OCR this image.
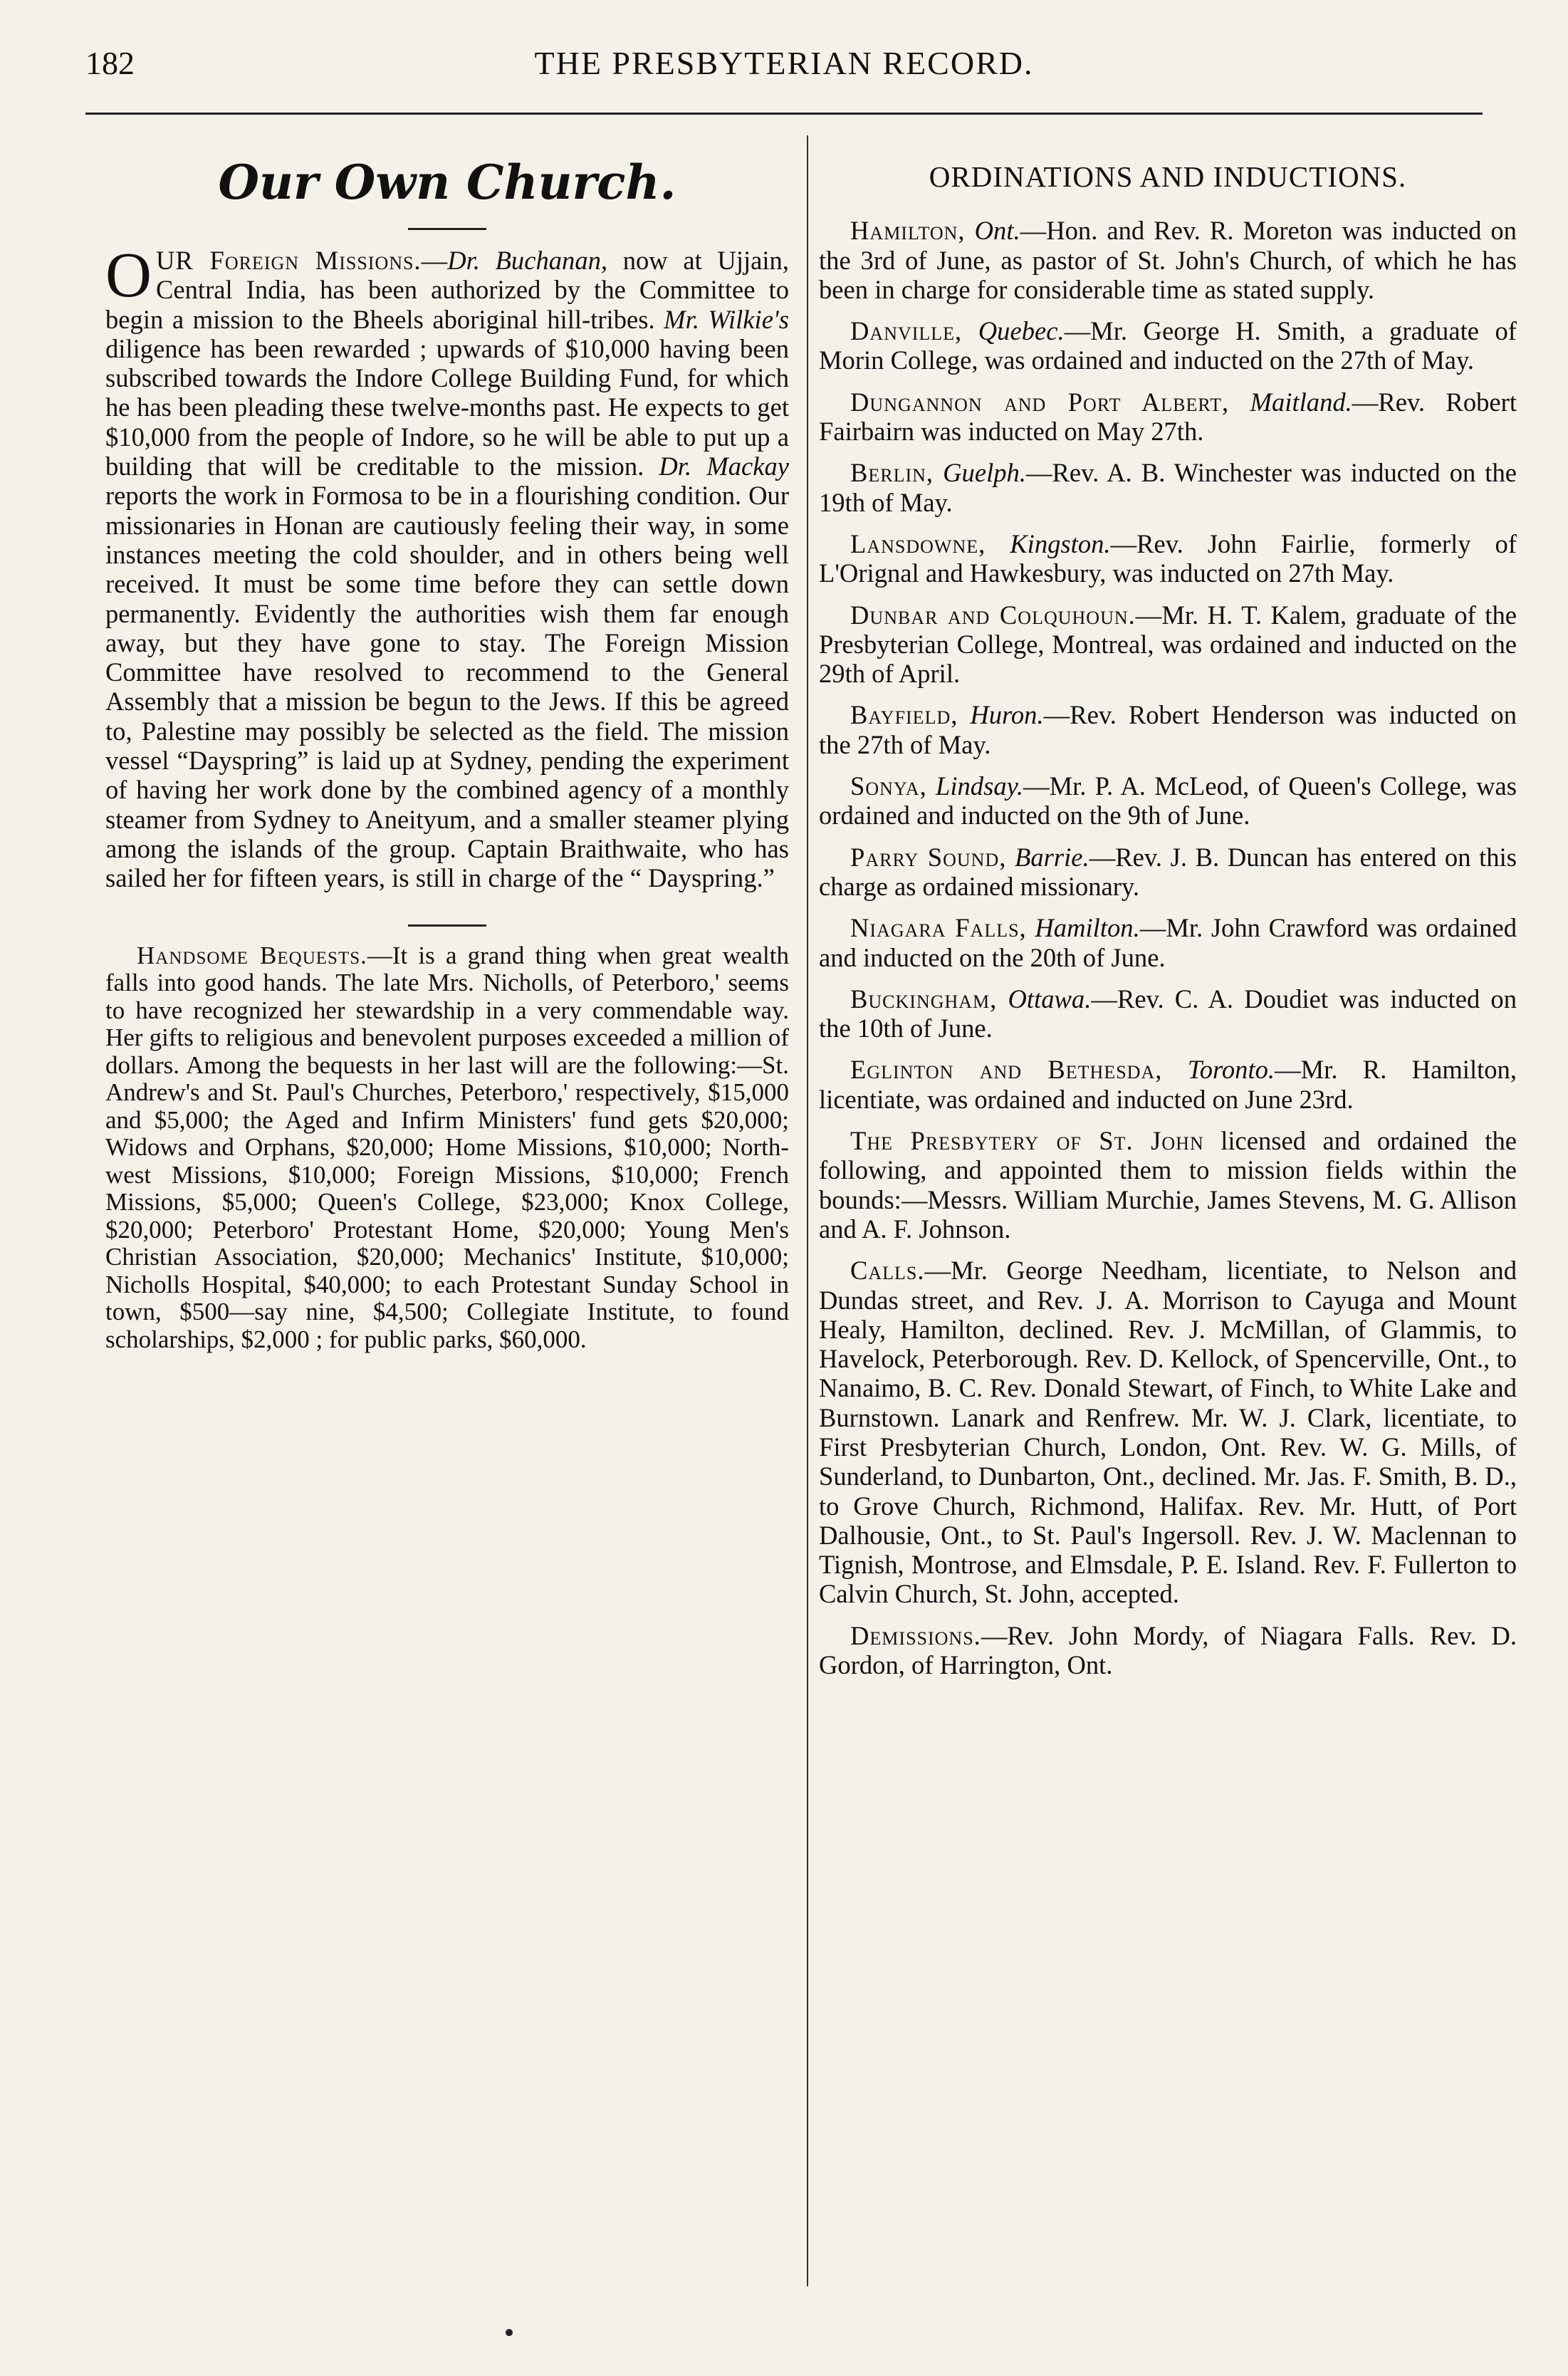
182	THE PRESBYTERIAN RECORD.
Our Own Church.

OUR Foreign Missions.—Dr. Buchanan, now at Ujjain, Central India, has been authorized by the Committee to begin a mission to the Bheels aboriginal hill-tribes. Mr. Wilkie's diligence has been rewarded ; upwards of $10,000 having been subscribed towards the Indore College Building Fund, for which he has been pleading these twelve-months past. He expects to get $10,000 from the people of Indore, so he will be able to put up a building that will be creditable to the mission. Dr. Mackay reports the work in Formosa to be in a flourishing condition. Our missionaries in Honan are cautiously feeling their way, in some instances meeting the cold shoulder, and in others being well received. It must be some time before they can settle down permanently. Evidently the authorities wish them far enough away, but they have gone to stay. The Foreign Mission Committee have resolved to recommend to the General Assembly that a mission be begun to the Jews. If this be agreed to, Palestine may possibly be selected as the field. The mission vessel “Dayspring” is laid up at Sydney, pending the experiment of having her work done by the combined agency of a monthly steamer from Sydney to Aneityum, and a smaller steamer plying among the islands of the group. Captain Braithwaite, who has sailed her for fifteen years, is still in charge of the “ Dayspring.”

Handsome Bequests.—It is a grand thing when great wealth falls into good hands. The late Mrs. Nicholls, of Peterboro,' seems to have recognized her stewardship in a very commendable way. Her gifts to religious and benevolent purposes exceeded a million of dollars. Among the bequests in her last will are the following:—St. Andrew's and St. Paul's Churches, Peterboro,' respectively, $15,000 and $5,000; the Aged and Infirm Ministers' fund gets $20,000; Widows and Orphans, $20,000; Home Missions, $10,000; North-west Missions, $10,000; Foreign Missions, $10,000; French Missions, $5,000; Queen's College, $23,000; Knox College, $20,000; Peterboro' Protestant Home, $20,000; Young Men's Christian Association, $20,000; Mechanics' Institute, $10,000; Nicholls Hospital, $40,000; to each Protestant Sunday School in town, $500—say nine, $4,500; Collegiate Institute, to found scholarships, $2,000 ; for public parks, $60,000.

ORDINATIONS AND INDUCTIONS.

Hamilton, Ont.—Hon. and Rev. R. Moreton was inducted on the 3rd of June, as pastor of St. John's Church, of which he has been in charge for considerable time as stated supply.

Danville, Quebec.—Mr. George H. Smith, a graduate of Morin College, was ordained and inducted on the 27th of May.

Dungannon and Port Albert, Maitland.—Rev. Robert Fairbairn was inducted on May 27th.

Berlin, Guelph.—Rev. A. B. Winchester was inducted on the 19th of May.

Lansdowne, Kingston.—Rev. John Fairlie, formerly of L'Orignal and Hawkesbury, was inducted on 27th May.

Dunbar and Colquhoun.—Mr. H. T. Kalem, graduate of the Presbyterian College, Montreal, was ordained and inducted on the 29th of April.

Bayfield, Huron.—Rev. Robert Henderson was inducted on the 27th of May.

Sonya, Lindsay.—Mr. P. A. McLeod, of Queen's College, was ordained and inducted on the 9th of June.

Parry Sound, Barrie.—Rev. J. B. Duncan has entered on this charge as ordained missionary.

Niagara Falls, Hamilton.—Mr. John Crawford was ordained and inducted on the 20th of June.

Buckingham, Ottawa.—Rev. C. A. Doudiet was inducted on the 10th of June.

Eglinton and Bethesda, Toronto.—Mr. R. Hamilton, licentiate, was ordained and inducted on June 23rd.

The Presbytery of St. John licensed and ordained the following, and appointed them to mission fields within the bounds:—Messrs. William Murchie, James Stevens, M. G. Allison and A. F. Johnson.

Calls.—Mr. George Needham, licentiate, to Nelson and Dundas street, and Rev. J. A. Morrison to Cayuga and Mount Healy, Hamilton, declined. Rev. J. McMillan, of Glammis, to Havelock, Peterborough. Rev. D. Kellock, of Spencerville, Ont., to Nanaimo, B. C. Rev. Donald Stewart, of Finch, to White Lake and Burnstown. Lanark and Renfrew. Mr. W. J. Clark, licentiate, to First Presbyterian Church, London, Ont. Rev. W. G. Mills, of Sunderland, to Dunbarton, Ont., declined. Mr. Jas. F. Smith, B. D., to Grove Church, Richmond, Halifax. Rev. Mr. Hutt, of Port Dalhousie, Ont., to St. Paul's Ingersoll. Rev. J. W. Maclennan to Tignish, Montrose, and Elmsdale, P. E. Island. Rev. F. Fullerton to Calvin Church, St. John, accepted.

Demissions.—Rev. John Mordy, of Niagara Falls. Rev. D. Gordon, of Harrington, Ont.
